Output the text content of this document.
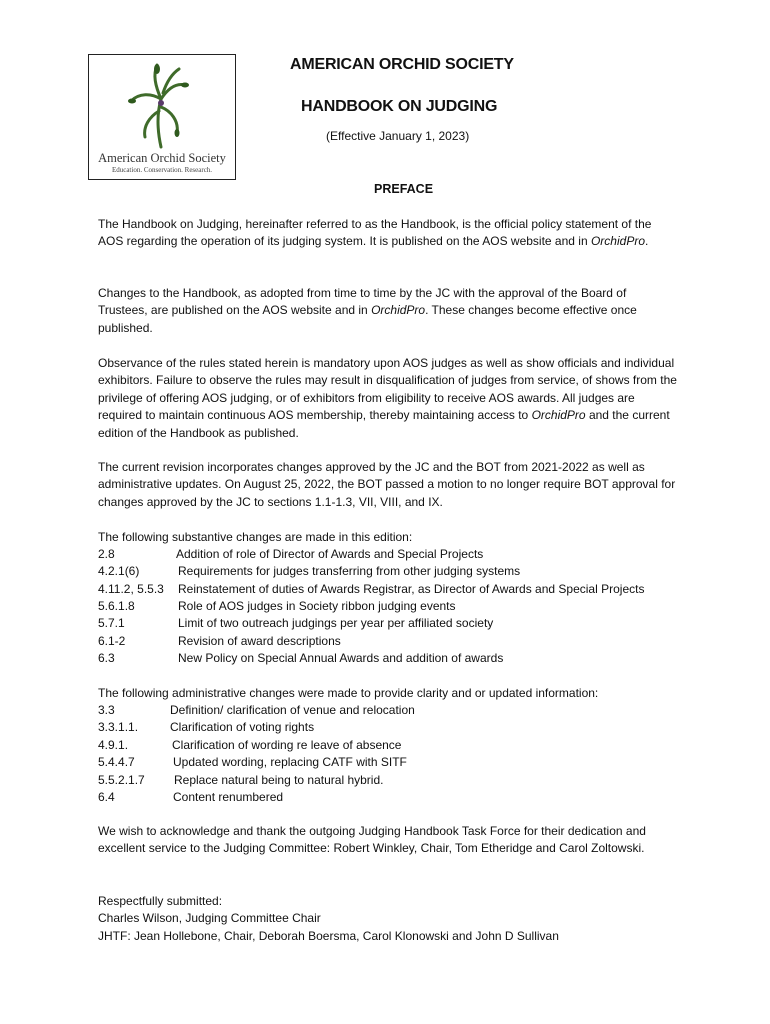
American Orchid Society
Education. Conservation. Research.
AMERICAN ORCHID SOCIETY
HANDBOOK ON JUDGING
(Effective January 1, 2023)
PREFACE
The Handbook on Judging, hereinafter referred to as the Handbook, is the official policy statement of the AOS regarding the operation of its judging system. It is published on the AOS website and in OrchidPro.
Changes to the Handbook, as adopted from time to time by the JC with the approval of the Board of Trustees, are published on the AOS website and in OrchidPro. These changes become effective once published.
Observance of the rules stated herein is mandatory upon AOS judges as well as show officials and individual exhibitors. Failure to observe the rules may result in disqualification of judges from service, of shows from the privilege of offering AOS judging, or of exhibitors from eligibility to receive AOS awards. All judges are required to maintain continuous AOS membership, thereby maintaining access to OrchidPro and the current edition of the Handbook as published.
The current revision incorporates changes approved by the JC and the BOT from 2021-2022 as well as administrative updates. On August 25, 2022, the BOT passed a motion to no longer require BOT approval for changes approved by the JC to sections 1.1-1.3, VII, VIII, and IX.
The following substantive changes are made in this edition:
2.8	Addition of role of Director of Awards and Special Projects
4.2.1(6)	Requirements for judges transferring from other judging systems
4.11.2, 5.5.3 Reinstatement of duties of Awards Registrar, as Director of Awards and Special Projects
5.6.1.8	Role of AOS judges in Society ribbon judging events
5.7.1	Limit of two outreach judgings per year per affiliated society
6.1-2	Revision of award descriptions
6.3	New Policy on Special Annual Awards and addition of awards
The following administrative changes were made to provide clarity and or updated information:
3.3	Definition/ clarification of venue and relocation
3.3.1.1.	Clarification of voting rights
4.9.1.	Clarification of wording re leave of absence
5.4.4.7	Updated wording, replacing CATF with SITF
5.5.2.1.7 Replace natural being to natural hybrid.
6.4	Content renumbered
We wish to acknowledge and thank the outgoing Judging Handbook Task Force for their dedication and excellent service to the Judging Committee: Robert Winkley, Chair, Tom Etheridge and Carol Zoltowski.
Respectfully submitted:
Charles Wilson, Judging Committee Chair
JHTF: Jean Hollebone, Chair, Deborah Boersma, Carol Klonowski and John D Sullivan
